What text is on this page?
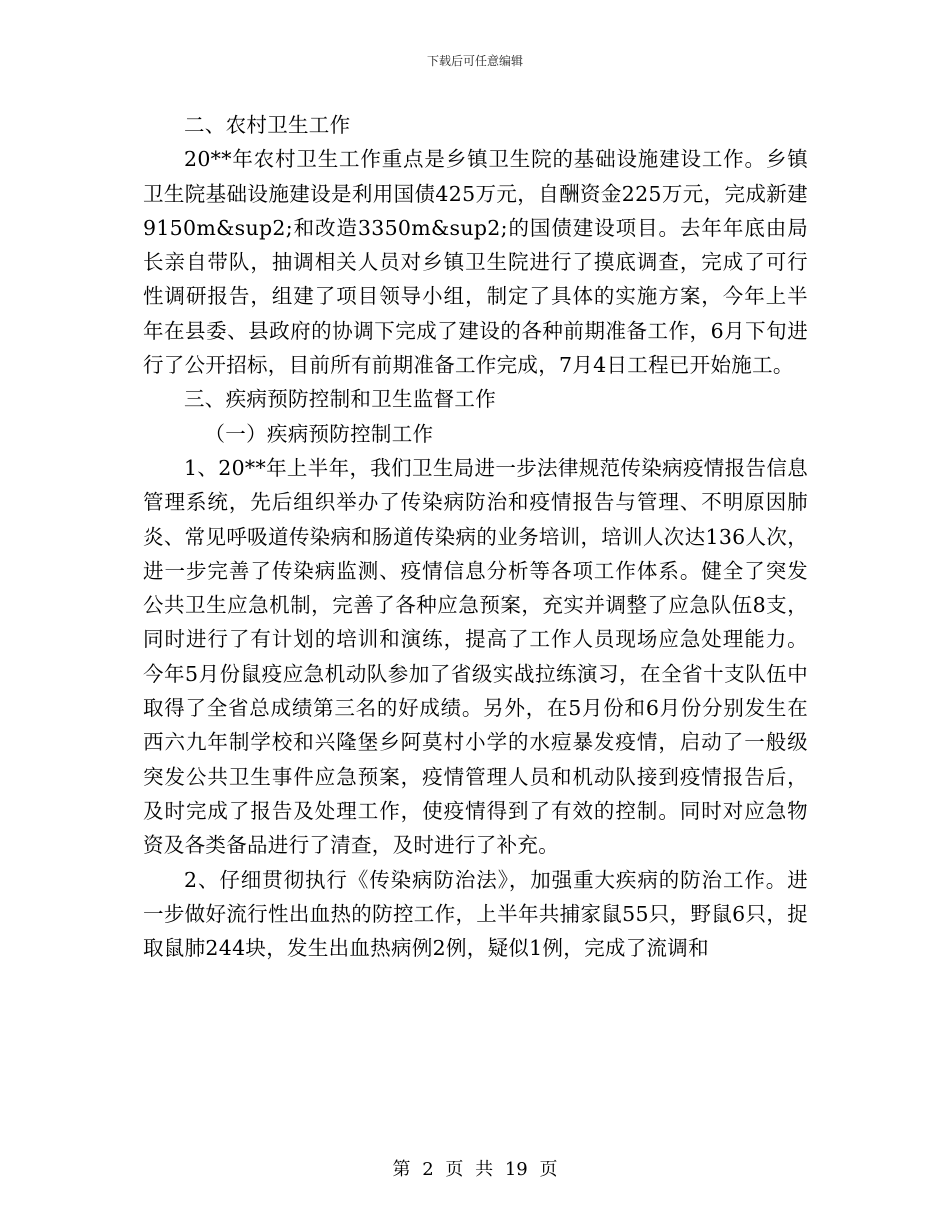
下载后可任意编辑

二、农村卫生工作

20**年农村卫生工作重点是乡镇卫生院的基础设施建设工作。乡镇卫生院基础设施建设是利用国债425万元，自酬资金225万元，完成新建9150m&sup2;和改造3350m&sup2;的国债建设项目。去年年底由局长亲自带队，抽调相关人员对乡镇卫生院进行了摸底调查，完成了可行性调研报告，组建了项目领导小组，制定了具体的实施方案，今年上半年在县委、县政府的协调下完成了建设的各种前期准备工作，6月下旬进行了公开招标，目前所有前期准备工作完成，7月4日工程已开始施工。

三、疾病预防控制和卫生监督工作

（一）疾病预防控制工作

1、20**年上半年，我们卫生局进一步法律规范传染病疫情报告信息管理系统，先后组织举办了传染病防治和疫情报告与管理、不明原因肺炎、常见呼吸道传染病和肠道传染病的业务培训，培训人次达136人次，进一步完善了传染病监测、疫情信息分析等各项工作体系。健全了突发公共卫生应急机制，完善了各种应急预案，充实并调整了应急队伍8支，同时进行了有计划的培训和演练，提高了工作人员现场应急处理能力。今年5月份鼠疫应急机动队参加了省级实战拉练演习，在全省十支队伍中取得了全省总成绩第三名的好成绩。另外，在5月份和6月份分别发生在西六九年制学校和兴隆堡乡阿莫村小学的水痘暴发疫情，启动了一般级突发公共卫生事件应急预案，疫情管理人员和机动队接到疫情报告后，及时完成了报告及处理工作，使疫情得到了有效的控制。同时对应急物资及各类备品进行了清查，及时进行了补充。

2、仔细贯彻执行《传染病防治法》，加强重大疾病的防治工作。进一步做好流行性出血热的防控工作，上半年共捕家鼠55只，野鼠6只，捉取鼠肺244块，发生出血热病例2例，疑似1例，完成了流调和

第 2 页 共 19 页
